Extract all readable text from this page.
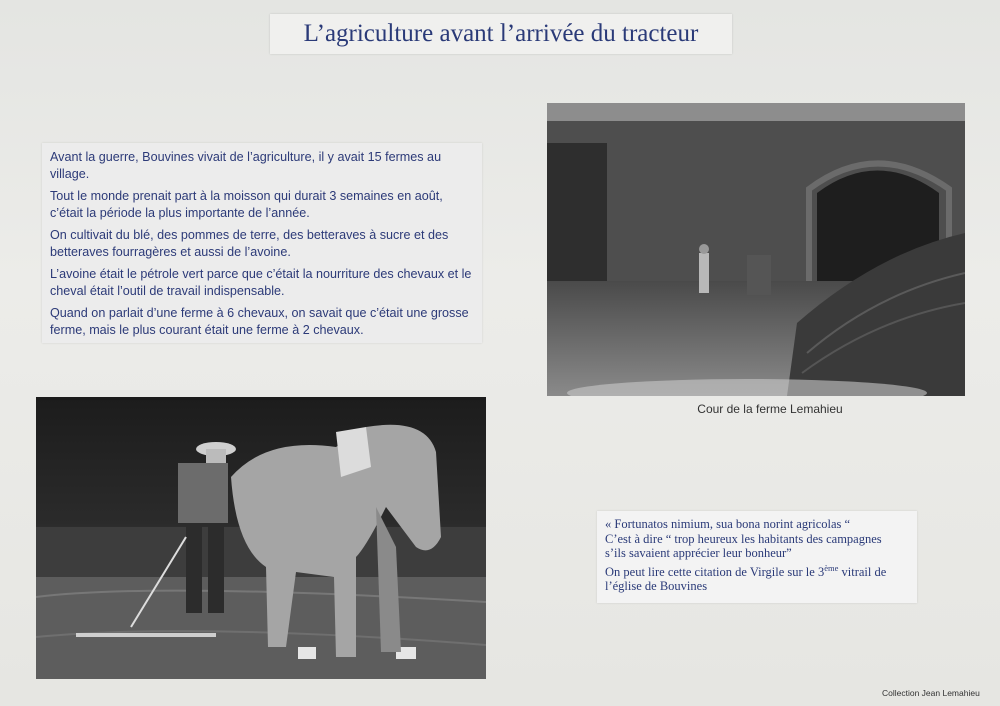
L’agriculture avant l’arrivée du tracteur

Avant la guerre, Bouvines vivait de l’agriculture, il y avait 15 fermes au village.

Tout le monde prenait part à la moisson qui durait 3 semaines en août, c’était la période la plus importante de l’année.

On cultivait du blé, des pommes de terre, des betteraves à sucre et des betteraves fourragères et aussi de l’avoine.

L’avoine était le pétrole vert parce que c’était la nourriture des chevaux et le cheval était l’outil de travail indispensable.

Quand on parlait d’une ferme à 6 chevaux, on savait que c’était une grosse ferme, mais le plus courant était une ferme à 2 chevaux.

Cour de la ferme Lemahieu
« Fortunatos nimium, sua bona norint agricolas “
C’est à dire “ trop heureux les habitants des campagnes
s’ils savaient apprécier leur bonheur”
On peut lire cette citation de Virgile sur le 3ème vitrail de
l’église de Bouvines
Collection Jean Lemahieu
